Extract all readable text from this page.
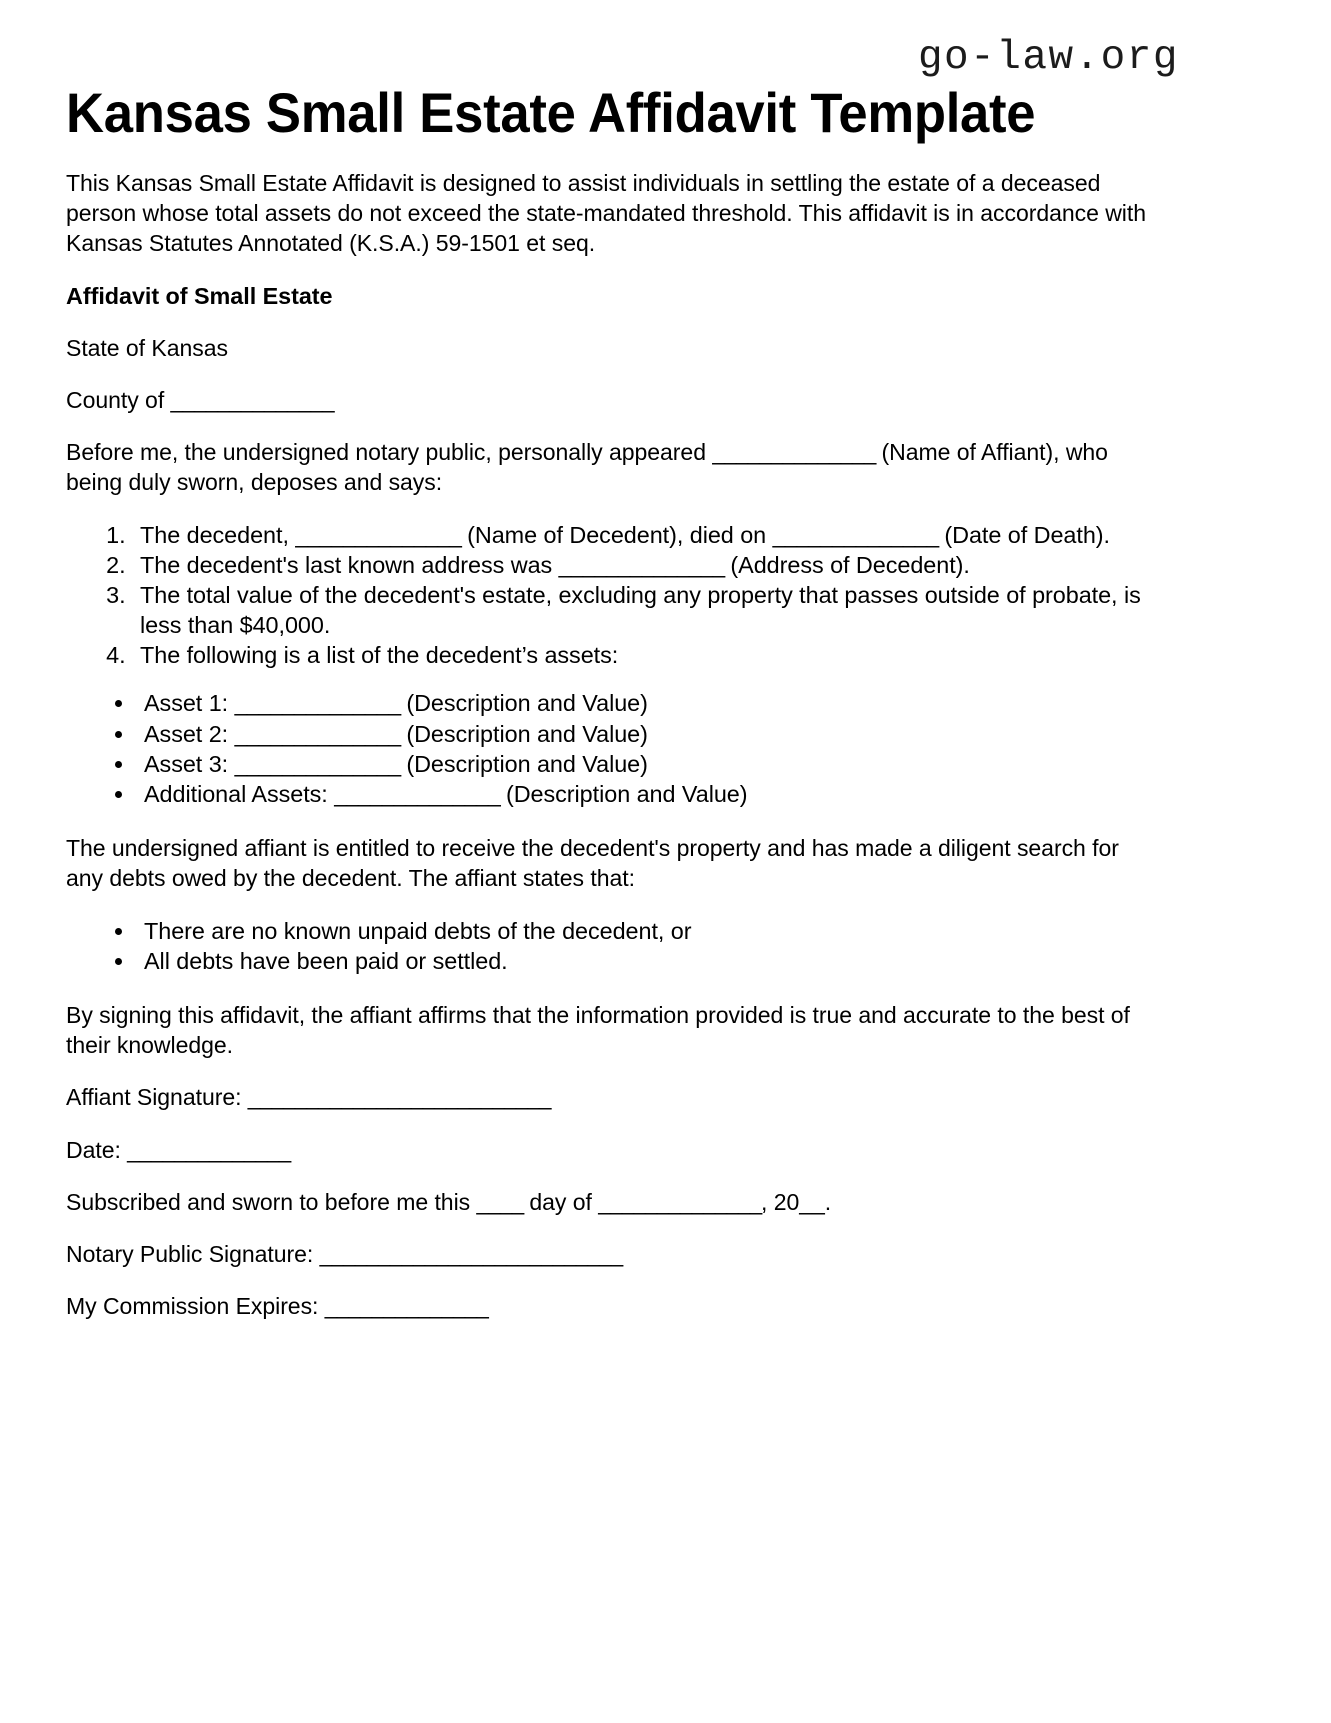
go-law.org
Kansas Small Estate Affidavit Template

This Kansas Small Estate Affidavit is designed to assist individuals in settling the estate of a deceased person whose total assets do not exceed the state-mandated threshold. This affidavit is in accordance with Kansas Statutes Annotated (K.S.A.) 59-1501 et seq.

Affidavit of Small Estate

State of Kansas

County of ______________

Before me, the undersigned notary public, personally appeared ______________ (Name of Affiant), who being duly sworn, deposes and says:

1. The decedent, ______________ (Name of Decedent), died on ______________ (Date of Death).
2. The decedent's last known address was ______________ (Address of Decedent).
3. The total value of the decedent's estate, excluding any property that passes outside of probate, is less than $40,000.
4. The following is a list of the decedent’s assets:
• Asset 1: ______________ (Description and Value)
• Asset 2: ______________ (Description and Value)
• Asset 3: ______________ (Description and Value)
• Additional Assets: ______________ (Description and Value)

The undersigned affiant is entitled to receive the decedent's property and has made a diligent search for any debts owed by the decedent. The affiant states that:

• There are no known unpaid debts of the decedent, or
• All debts have been paid or settled.

By signing this affidavit, the affiant affirms that the information provided is true and accurate to the best of their knowledge.

Affiant Signature: __________________________

Date: ______________

Subscribed and sworn to before me this ____ day of ______________, 20__.

Notary Public Signature: __________________________

My Commission Expires: ______________
